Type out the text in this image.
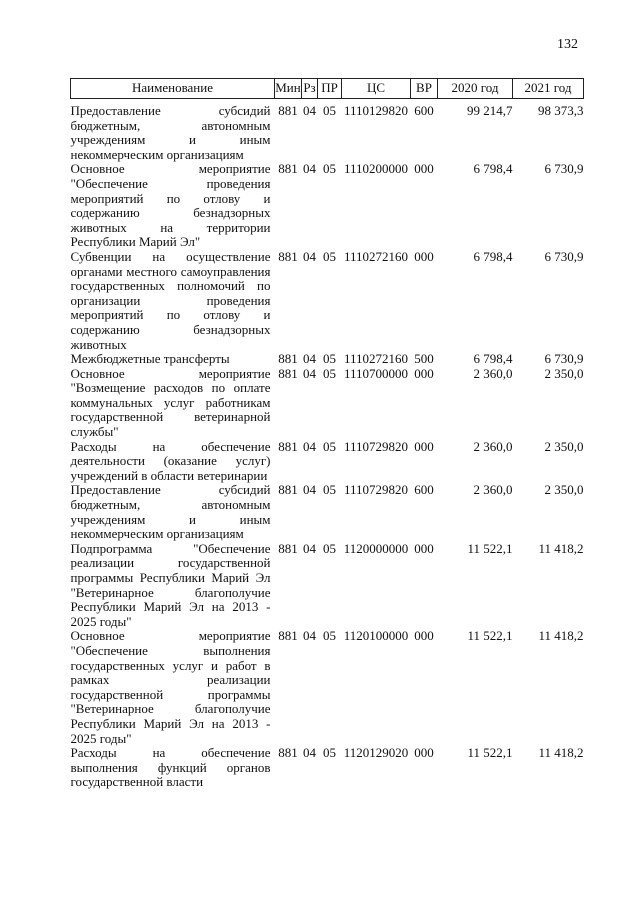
132
Наименование	Мин	Рз	ПР	ЦС	ВР	2020 год	2021 год
Предоставление субсидий бюджетным, автономным учреждениям и иным некоммерческим организациям	881	04	05	1110129820	600	99 214,7	98 373,3
Основное мероприятие "Обеспечение проведения мероприятий по отлову и содержанию безнадзорных животных на территории Республики Марий Эл"	881	04	05	1110200000	000	6 798,4	6 730,9
Субвенции на осуществление органами местного самоуправления государственных полномочий по организации проведения мероприятий по отлову и содержанию безнадзорных животных	881	04	05	1110272160	000	6 798,4	6 730,9
Межбюджетные трансферты	881	04	05	1110272160	500	6 798,4	6 730,9
Основное мероприятие "Возмещение расходов по оплате коммунальных услуг работникам государственной ветеринарной службы"	881	04	05	1110700000	000	2 360,0	2 350,0
Расходы на обеспечение деятельности (оказание услуг) учреждений в области ветеринарии	881	04	05	1110729820	000	2 360,0	2 350,0
Предоставление субсидий бюджетным, автономным учреждениям и иным некоммерческим организациям	881	04	05	1110729820	600	2 360,0	2 350,0
Подпрограмма "Обеспечение реализации государственной программы Республики Марий Эл "Ветеринарное благополучие Республики Марий Эл на 2013 - 2025 годы"	881	04	05	1120000000	000	11 522,1	11 418,2
Основное мероприятие "Обеспечение выполнения государственных услуг и работ в рамках реализации государственной программы "Ветеринарное благополучие Республики Марий Эл на 2013 - 2025 годы"	881	04	05	1120100000	000	11 522,1	11 418,2
Расходы на обеспечение выполнения функций органов государственной власти	881	04	05	1120129020	000	11 522,1	11 418,2
